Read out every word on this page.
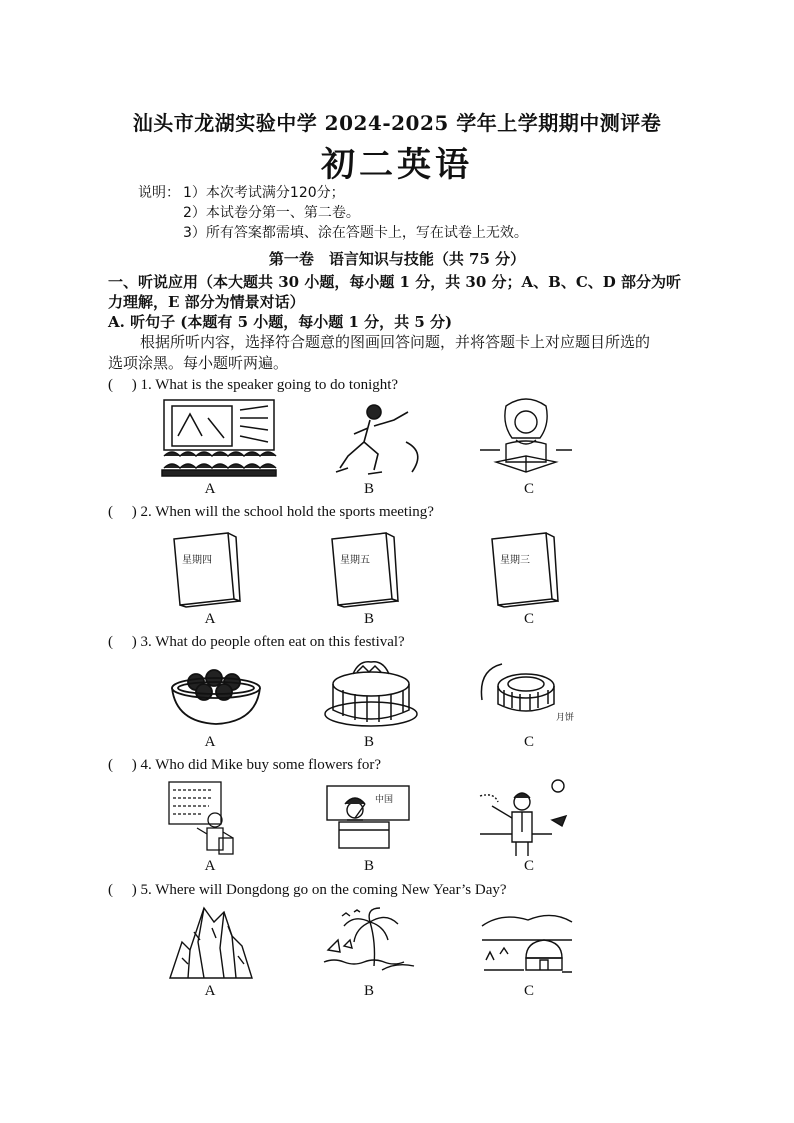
汕头市龙湖实验中学 2024-2025 学年上学期期中测评卷
初二英语
说明： 1）本次考试满分120分；
2）本试卷分第一、第二卷。
3）所有答案都需填、涂在答题卡上，写在试卷上无效。
第一卷　语言知识与技能（共 75 分）
一、听说应用（本大题共 30 小题，每小题 1 分，共 30 分；A、B、C、D 部分为听
力理解，E 部分为情景对话）
A. 听句子 (本题有 5 小题，每小题 1 分，共 5 分)
根据所听内容，选择符合题意的图画回答问题，并将答题卡上对应题目所选的
选项涂黑。每小题听两遍。
(　 ) 1. What is the speaker going to do tonight?
A	B	C
(　 ) 2. When will the school hold the sports meeting?
星期四	星期五	星期三
A	B	C
(　 ) 3. What do people often eat on this festival?
月饼
A	B	C
(　 ) 4. Who did Mike buy some flowers for?
中国
A	B	C
(　 ) 5. Where will Dongdong go on the coming New Year’s Day?
A	B	C
